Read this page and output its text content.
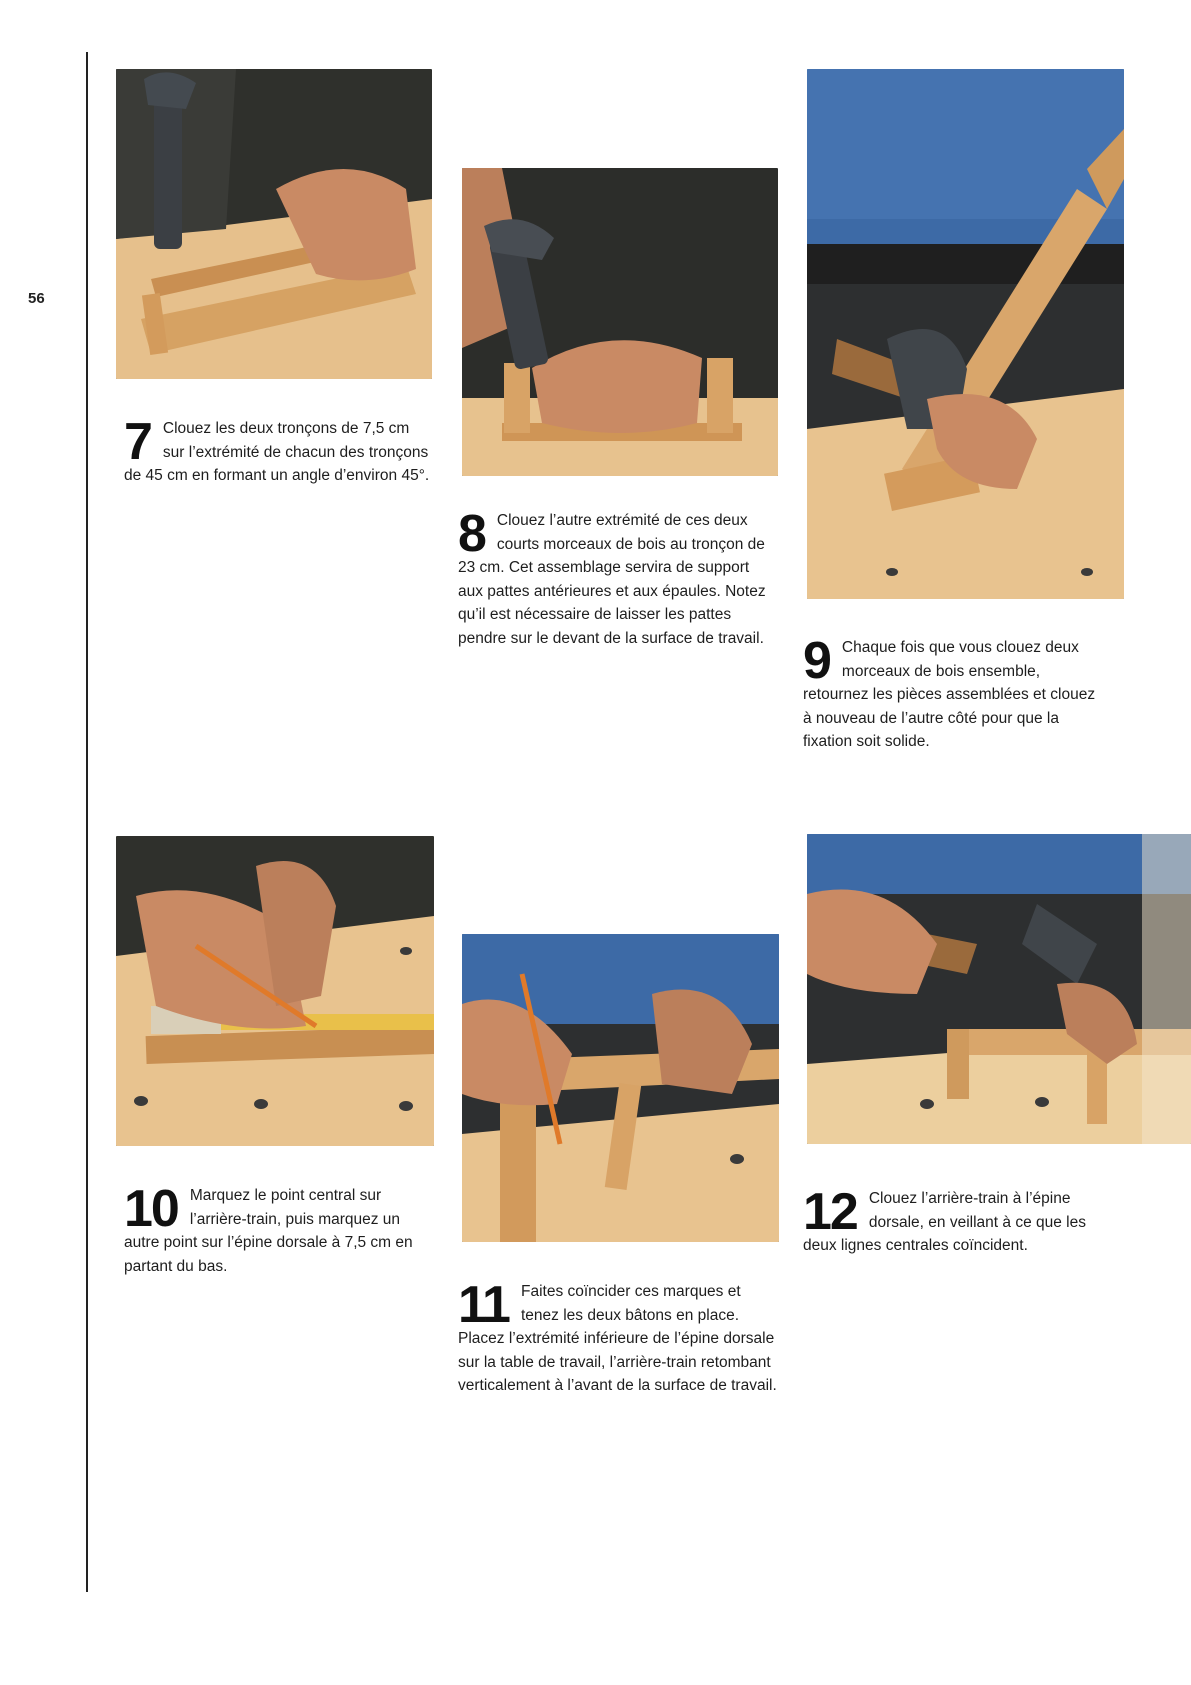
56
7 Clouez les deux tronçons de 7,5 cm sur l’extrémité de chacun des tronçons de 45 cm en formant un angle d’environ 45°.
8 Clouez l’autre extrémité de ces deux courts morceaux de bois au tronçon de 23 cm. Cet assemblage servira de support aux pattes antérieures et aux épaules. Notez qu’il est nécessaire de laisser les pattes pendre sur le devant de la surface de travail. 9 Chaque fois que vous clouez deux morceaux de bois ensemble, retournez les pièces assemblées et clouez à nouveau de l’autre côté pour que la fixation soit solide.
10 Marquez le point central sur l’arrière-train, puis marquez un autre point sur l’épine dorsale à 7,5 cm en partant du bas.
11 Faites coïncider ces marques et tenez les deux bâtons en place. Placez l’extrémité inférieure de l’épine dorsale sur la table de travail, l’arrière-train retombant verticalement à l’avant de la surface de travail.
12 Clouez l’arrière-train à l’épine dorsale, en veillant à ce que les deux lignes centrales coïncident.
